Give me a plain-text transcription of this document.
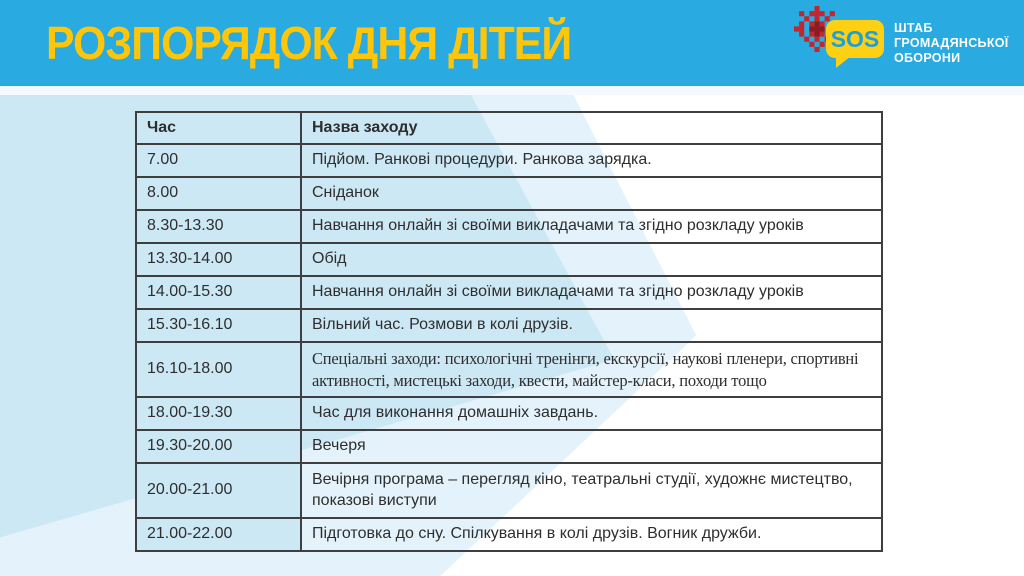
РОЗПОРЯДОК ДНЯ ДІТЕЙ	SOS ШТАБ
ГРОМАДЯНСЬКОЇ
ОБОРОНИ
Час	Назва заходу
7.00	Підйом. Ранкові процедури. Ранкова зарядка.
8.00	Сніданок
8.30-13.30	Навчання онлайн зі своїми викладачами та згідно розкладу уроків
13.30-14.00	Обід
14.00-15.30	Навчання онлайн зі своїми викладачами та згідно розкладу уроків
15.30-16.10	Вільний час. Розмови в колі друзів.
16.10-18.00	Спеціальні заходи: психологічні тренінги, екскурсії, наукові пленери, спортивні активності, мистецькі заходи, квести, майстер-класи, походи тощо
18.00-19.30	Час для виконання домашніх завдань.
19.30-20.00	Вечеря
20.00-21.00	Вечірня програма – перегляд кіно, театральні студії, художнє мистецтво, показові виступи
21.00-22.00	Підготовка до сну. Спілкування в колі друзів. Вогник дружби.
